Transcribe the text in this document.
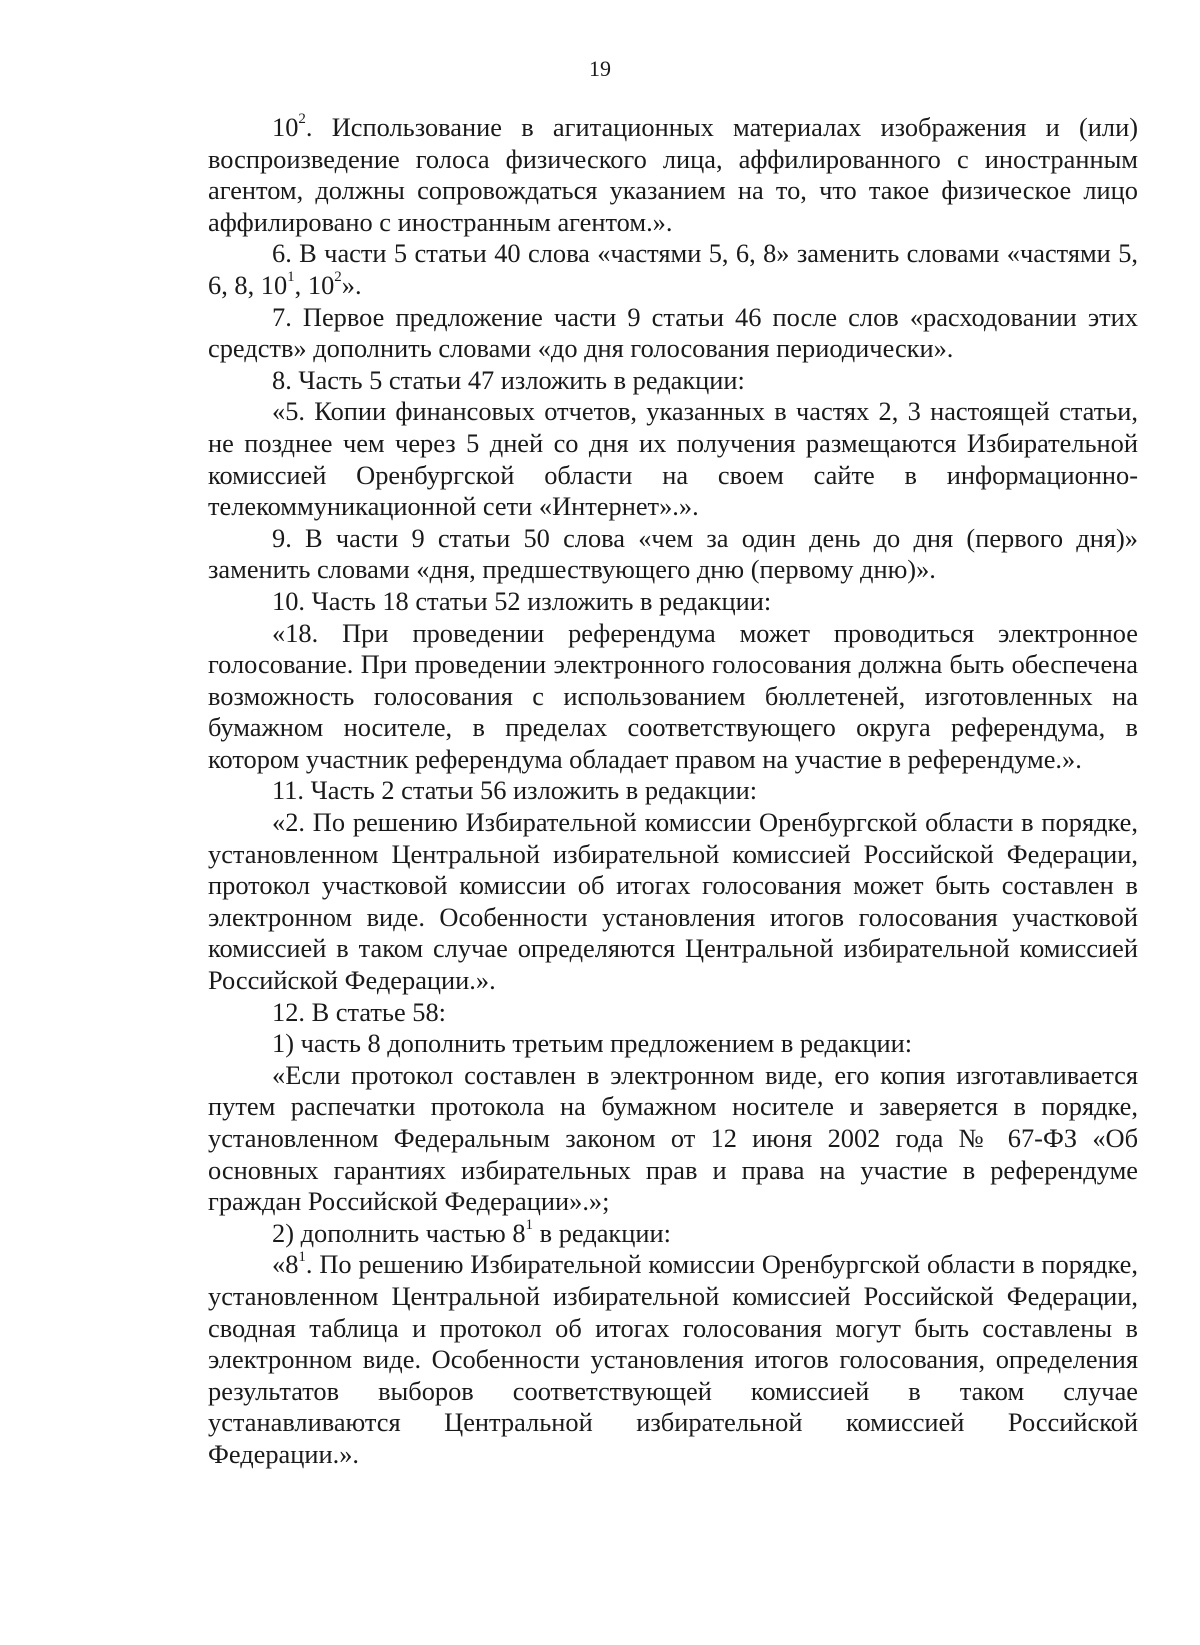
19

$10^2$. Использование в агитационных материалах изображения и (или) воспроизведение голоса физического лица, аффилированного с иностранным агентом, должны сопровождаться указанием на то, что такое физическое лицо аффилировано с иностранным агентом.».

6. В части 5 статьи 40 слова «частями 5, 6, 8» заменить словами «частями 5, 6, 8, $10^1$, $10^2$».

7. Первое предложение части 9 статьи 46 после слов «расходовании этих средств» дополнить словами «до дня голосования периодически».

8. Часть 5 статьи 47 изложить в редакции:

«5. Копии финансовых отчетов, указанных в частях 2, 3 настоящей статьи, не позднее чем через 5 дней со дня их получения размещаются Избирательной комиссией Оренбургской области на своем сайте в информационно-телекоммуникационной сети «Интернет».».

9. В части 9 статьи 50 слова «чем за один день до дня (первого дня)» заменить словами «дня, предшествующего дню (первому дню)».

10. Часть 18 статьи 52 изложить в редакции:

«18. При проведении референдума может проводиться электронное голосование. При проведении электронного голосования должна быть обеспечена возможность голосования с использованием бюллетеней, изготовленных на бумажном носителе, в пределах соответствующего округа референдума, в котором участник референдума обладает правом на участие в референдуме.».

11. Часть 2 статьи 56 изложить в редакции:

«2. По решению Избирательной комиссии Оренбургской области в порядке, установленном Центральной избирательной комиссией Российской Федерации, протокол участковой комиссии об итогах голосования может быть составлен в электронном виде. Особенности установления итогов голосования участковой комиссией в таком случае определяются Центральной избирательной комиссией Российской Федерации.».

12. В статье 58:

1) часть 8 дополнить третьим предложением в редакции:

«Если протокол составлен в электронном виде, его копия изготавливается путем распечатки протокола на бумажном носителе и заверяется в порядке, установленном Федеральным законом от 12 июня 2002 года № 67-ФЗ «Об основных гарантиях избирательных прав и права на участие в референдуме граждан Российской Федерации».»;

2) дополнить частью $8^1$ в редакции:

«$8^1$. По решению Избирательной комиссии Оренбургской области в порядке, установленном Центральной избирательной комиссией Российской Федерации, сводная таблица и протокол об итогах голосования могут быть составлены в электронном виде. Особенности установления итогов голосования, определения результатов выборов соответствующей комиссией в таком случае устанавливаются Центральной избирательной комиссией Российской Федерации.».
